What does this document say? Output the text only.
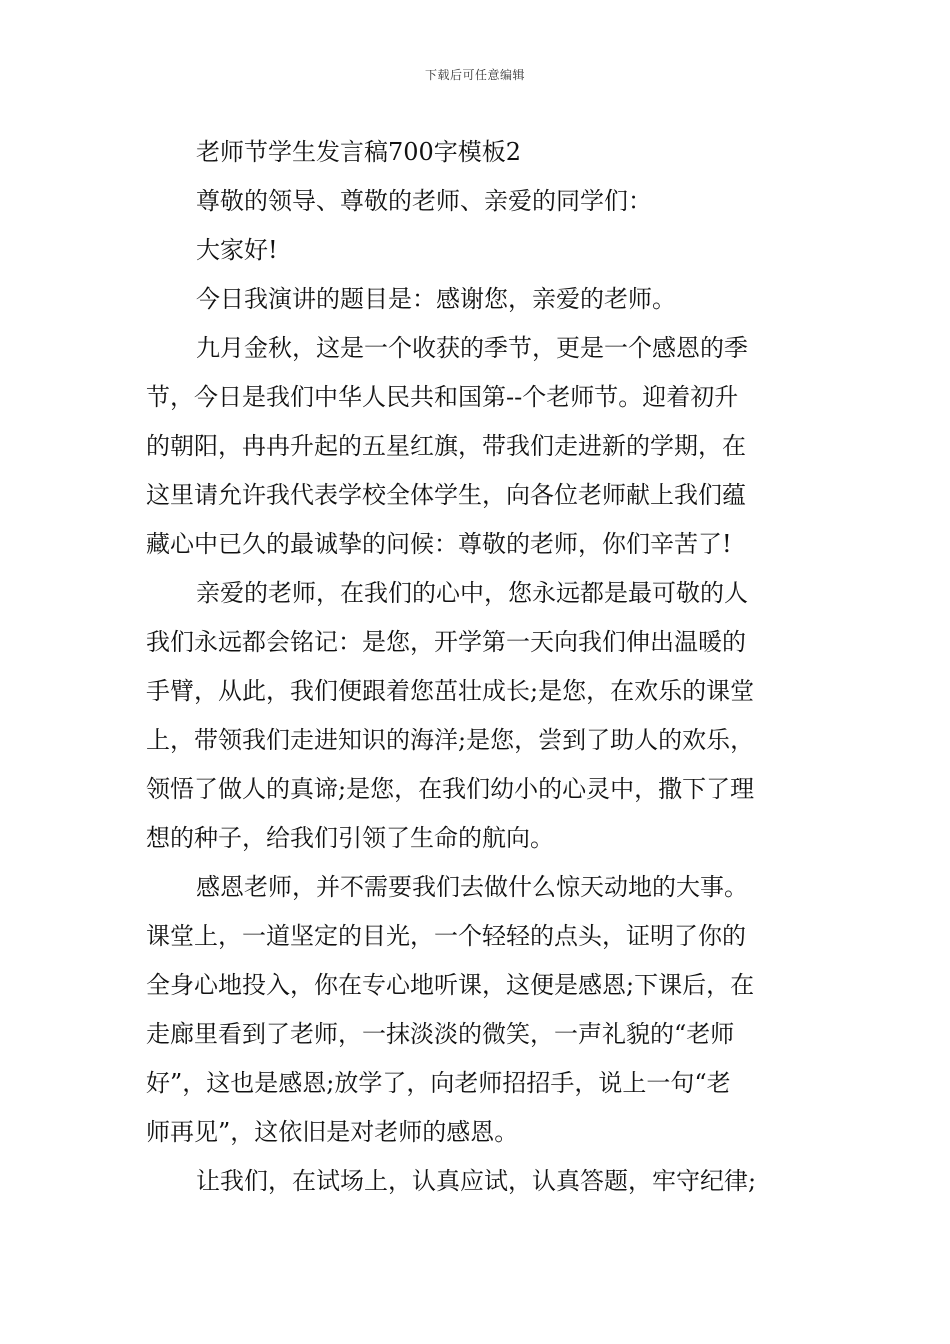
下载后可任意编辑
老师节学生发言稿700字模板2
尊敬的领导、尊敬的老师、亲爱的同学们：
大家好!
今日我演讲的题目是：感谢您，亲爱的老师。
九月金秋，这是一个收获的季节，更是一个感恩的季
节，今日是我们中华人民共和国第--个老师节。迎着初升
的朝阳，冉冉升起的五星红旗，带我们走进新的学期，在
这里请允许我代表学校全体学生，向各位老师献上我们蕴
藏心中已久的最诚挚的问候：尊敬的老师，你们辛苦了!
亲爱的老师，在我们的心中，您永远都是最可敬的人
我们永远都会铭记：是您，开学第一天向我们伸出温暖的
手臂，从此，我们便跟着您茁壮成长;是您，在欢乐的课堂
上，带领我们走进知识的海洋;是您，尝到了助人的欢乐，
领悟了做人的真谛;是您，在我们幼小的心灵中，撒下了理
想的种子，给我们引领了生命的航向。
感恩老师，并不需要我们去做什么惊天动地的大事。
课堂上，一道坚定的目光，一个轻轻的点头，证明了你的
全身心地投入，你在专心地听课，这便是感恩;下课后，在
走廊里看到了老师，一抹淡淡的微笑，一声礼貌的“老师
好”，这也是感恩;放学了，向老师招招手，说上一句“老
师再见”，这依旧是对老师的感恩。
让我们，在试场上，认真应试，认真答题，牢守纪律;
